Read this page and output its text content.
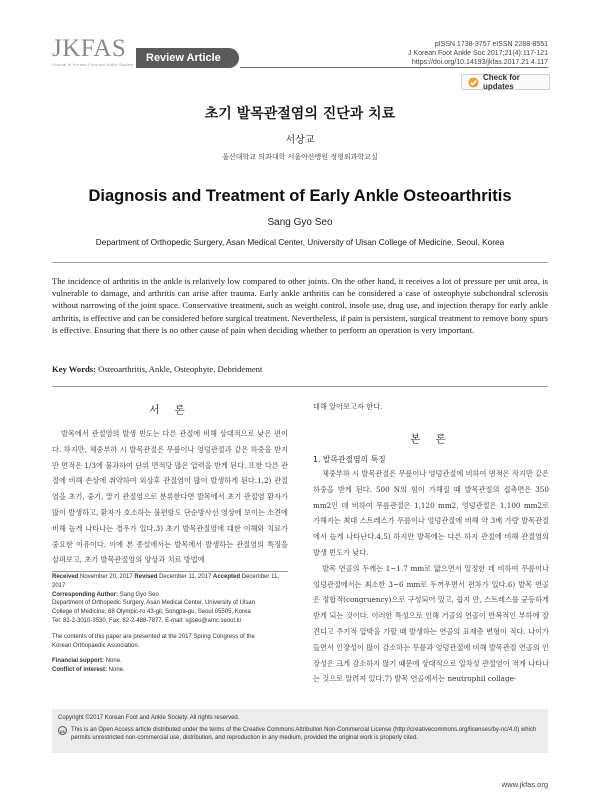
JKFAS
Journal of Korean Foot and Ankle Society
Review Article
pISSN 1738-3757 eISSN 2288-8551
J Korean Foot Ankle Soc 2017;21(4):117-121
https://doi.org/10.14193/jkfas.2017.21.4.117
Check for updates
초기 발목관절염의 진단과 치료
서상교
울산대학교 의과대학 서울아산병원 정형외과학교실
Diagnosis and Treatment of Early Ankle Osteoarthritis
Sang Gyo Seo
Department of Orthopedic Surgery, Asan Medical Center, University of Ulsan College of Medicine, Seoul, Korea
The incidence of arthritis in the ankle is relatively low compared to other joints. On the other hand, it receives a lot of pressure per unit area, is vulnerable to damage, and arthritis can arise after trauma. Early ankle arthritis can be considered a case of osteophyte subchondral sclerosis without narrowing of the joint space. Conservative treatment, such as weight control, insole use, drug use, and injection therapy for early ankle arthritis, is effective and can be considered before surgical treatment. Nevertheless, if pain is persistent, surgical treatment to remove bony spurs is effective. Ensuring that there is no other cause of pain when deciding whether to perform an operation is very important.
Key Words: Osteoarthritis, Ankle, Osteophyte, Debridement
서 론

발목에서 관절염의 발생 빈도는 다른 관절에 비해 상대적으로 낮은 편이다. 하지만, 체중부하 시 발목관절은 무릎이나 엉덩관절과 같은 하중을 받지만 면적은 1/3에 불과하여 단위 면적당 많은 압력을 받게 된다. 또한 다른 관절에 비해 손상에 취약하여 외상후 관절염이 많이 발생하게 된다.1,2) 관절염을 초기, 중기, 말기 관절염으로 분류한다면 발목에서 초기 관절염 환자가 많이 발생하고, 환자가 호소하는 불편함도 단순방사선 영상에 보이는 소견에 비해 높게 나타나는 경우가 있다.3) 초기 발목관절염에 대한 이해와 치료가 중요한 이유이다. 이에 본 종설에서는 발목에서 발생하는 관절염의 특징을 살펴보고, 초기 발목관절염의 양상과 치료 방법에

대해 알아보고자 한다.
본 론
1. 발목관절염의 특징

체중부하 시 발목관절은 무릎이나 엉덩관절에 비하여 면적은 작지만 같은 하중을 받게 된다. 500 N의 힘이 가해질 때 발목관절의 접촉면은 350 mm2인 데 비하여 무릎관절은 1,120 mm2, 엉덩관절은 1,100 mm2로 가해지는 최대 스트레스가 무릎이나 엉덩관절에 비해 약 3배 가량 발목관절에서 높게 나타난다.4,5) 하지만 발목에는 다른 하지 관절에 비해 관절염의 발생 빈도가 낮다.

발목 연골의 두께는 1~1.7 mm로 얇으면서 일정한 데 비하여 무릎이나 엉덩관절에서는 최소한 3~6 mm로 두꺼우면서 편차가 있다.6) 발목 연골은 정합적(congruency)으로 구성되어 있고, 쉽지 만, 스트레스를 균등하게 받게 되는 것이다. 이러한 특성으로 인해 거골의 연골이 반복적인 부하에 잘 견디고 주기적 압박을 가할 때 발생하는 연골의 표재층 변형이 적다. 나이가 들면서 인장성이 많이 감소하는 무릎과 엉덩관절에 비해 발목관절 연골의 인장성은 크게 감소하지 않기 때문에 상대적으로 일차성 관절염이 적게 나타나는 것으로 알려져 있다.7) 발목 연골에서는 neutrophil collage-

Received November 20, 2017 Revised December 11, 2017 Accepted December 11, 2017

Corresponding Author: Sang Gyo Seo

Department of Orthopedic Surgery, Asan Medical Center, University of Ulsan

College of Medicine, 88 Olympic-ro 43-gil, Songpa-gu, Seoul 05505, Korea

Tel: 82-2-3010-3530, Fax: 82-2-488-7877, E-mail: sgseo@amc.seoul.kr

The contents of this paper are presented at the 2017 Spring Congress of the

Korean Orthopaedic Association.

Financial support: None.

Conflict of interest: None.

Copyright ©2017 Korean Foot and Ankle Society. All rights reserved.

cc	This is an Open Access article distributed under the terms of the Creative Commons Attribution Non-Commercial License (http://creativecommons.org/licenses/by-nc/4.0) which permits unrestricted non-commercial use, distribution, and reproduction in any medium, provided the original work is properly cited.

www.jkfas.org
